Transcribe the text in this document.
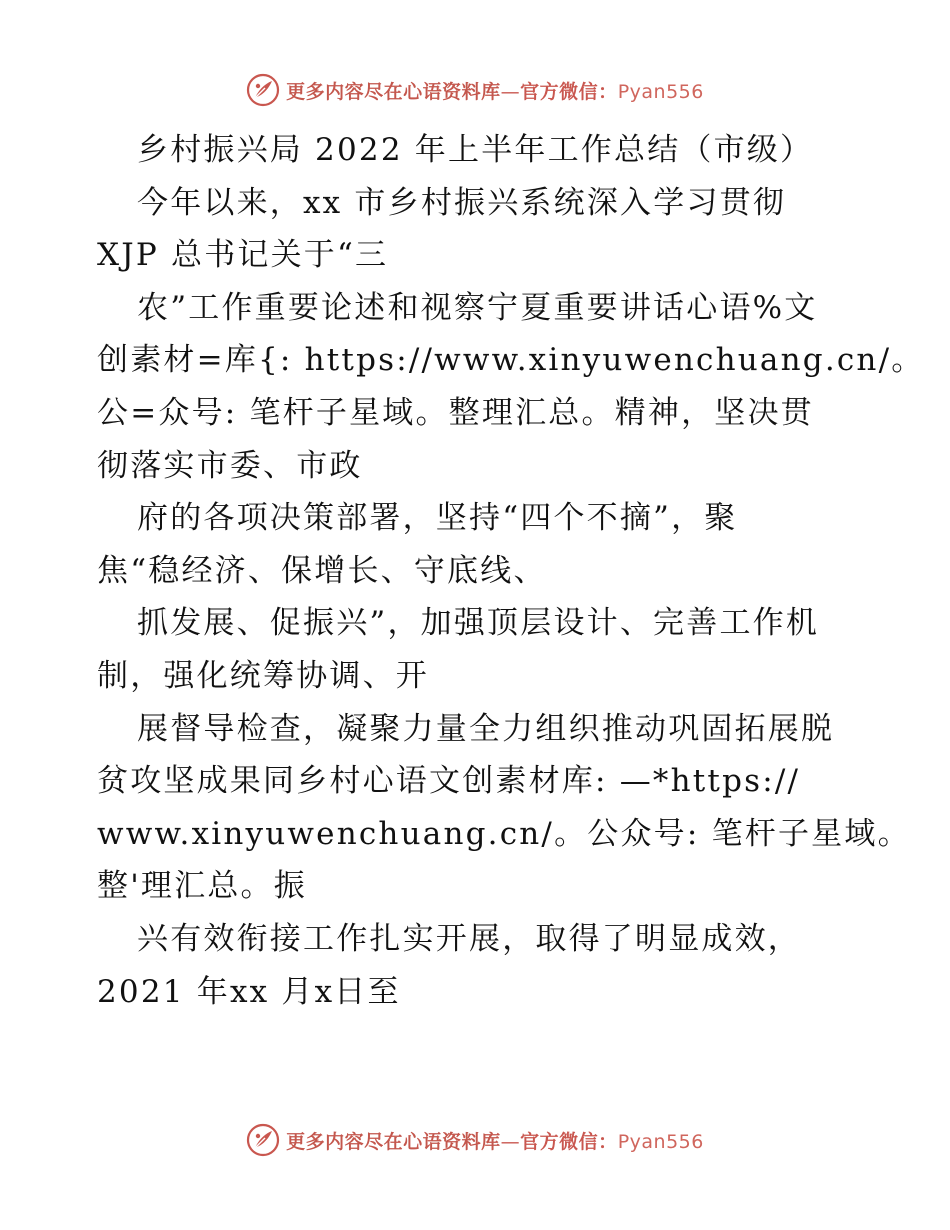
更多内容尽在心语资料库—官方微信：Pyan556
乡村振兴局 2022 年上半年工作总结（市级）
今年以来，xx 市乡村振兴系统深入学习贯彻
XJP 总书记关于“三
农”工作重要论述和视察宁夏重要讲话心语%文
创素材=库{: https://www.xinyuwenchuang.cn/。
公=众号: 笔杆子星域。整理汇总。精神，坚决贯
彻落实市委、市政
府的各项决策部署，坚持“四个不摘”，聚
焦“稳经济、保增长、守底线、
抓发展、促振兴”，加强顶层设计、完善工作机
制，强化统筹协调、开
展督导检查，凝聚力量全力组织推动巩固拓展脱
贫攻坚成果同乡村心语文创素材库: —*https://
www.xinyuwenchuang.cn/。公众号: 笔杆子星域。
整'理汇总。振
兴有效衔接工作扎实开展，取得了明显成效，
2021 年xx 月x日至
更多内容尽在心语资料库—官方微信：Pyan556
